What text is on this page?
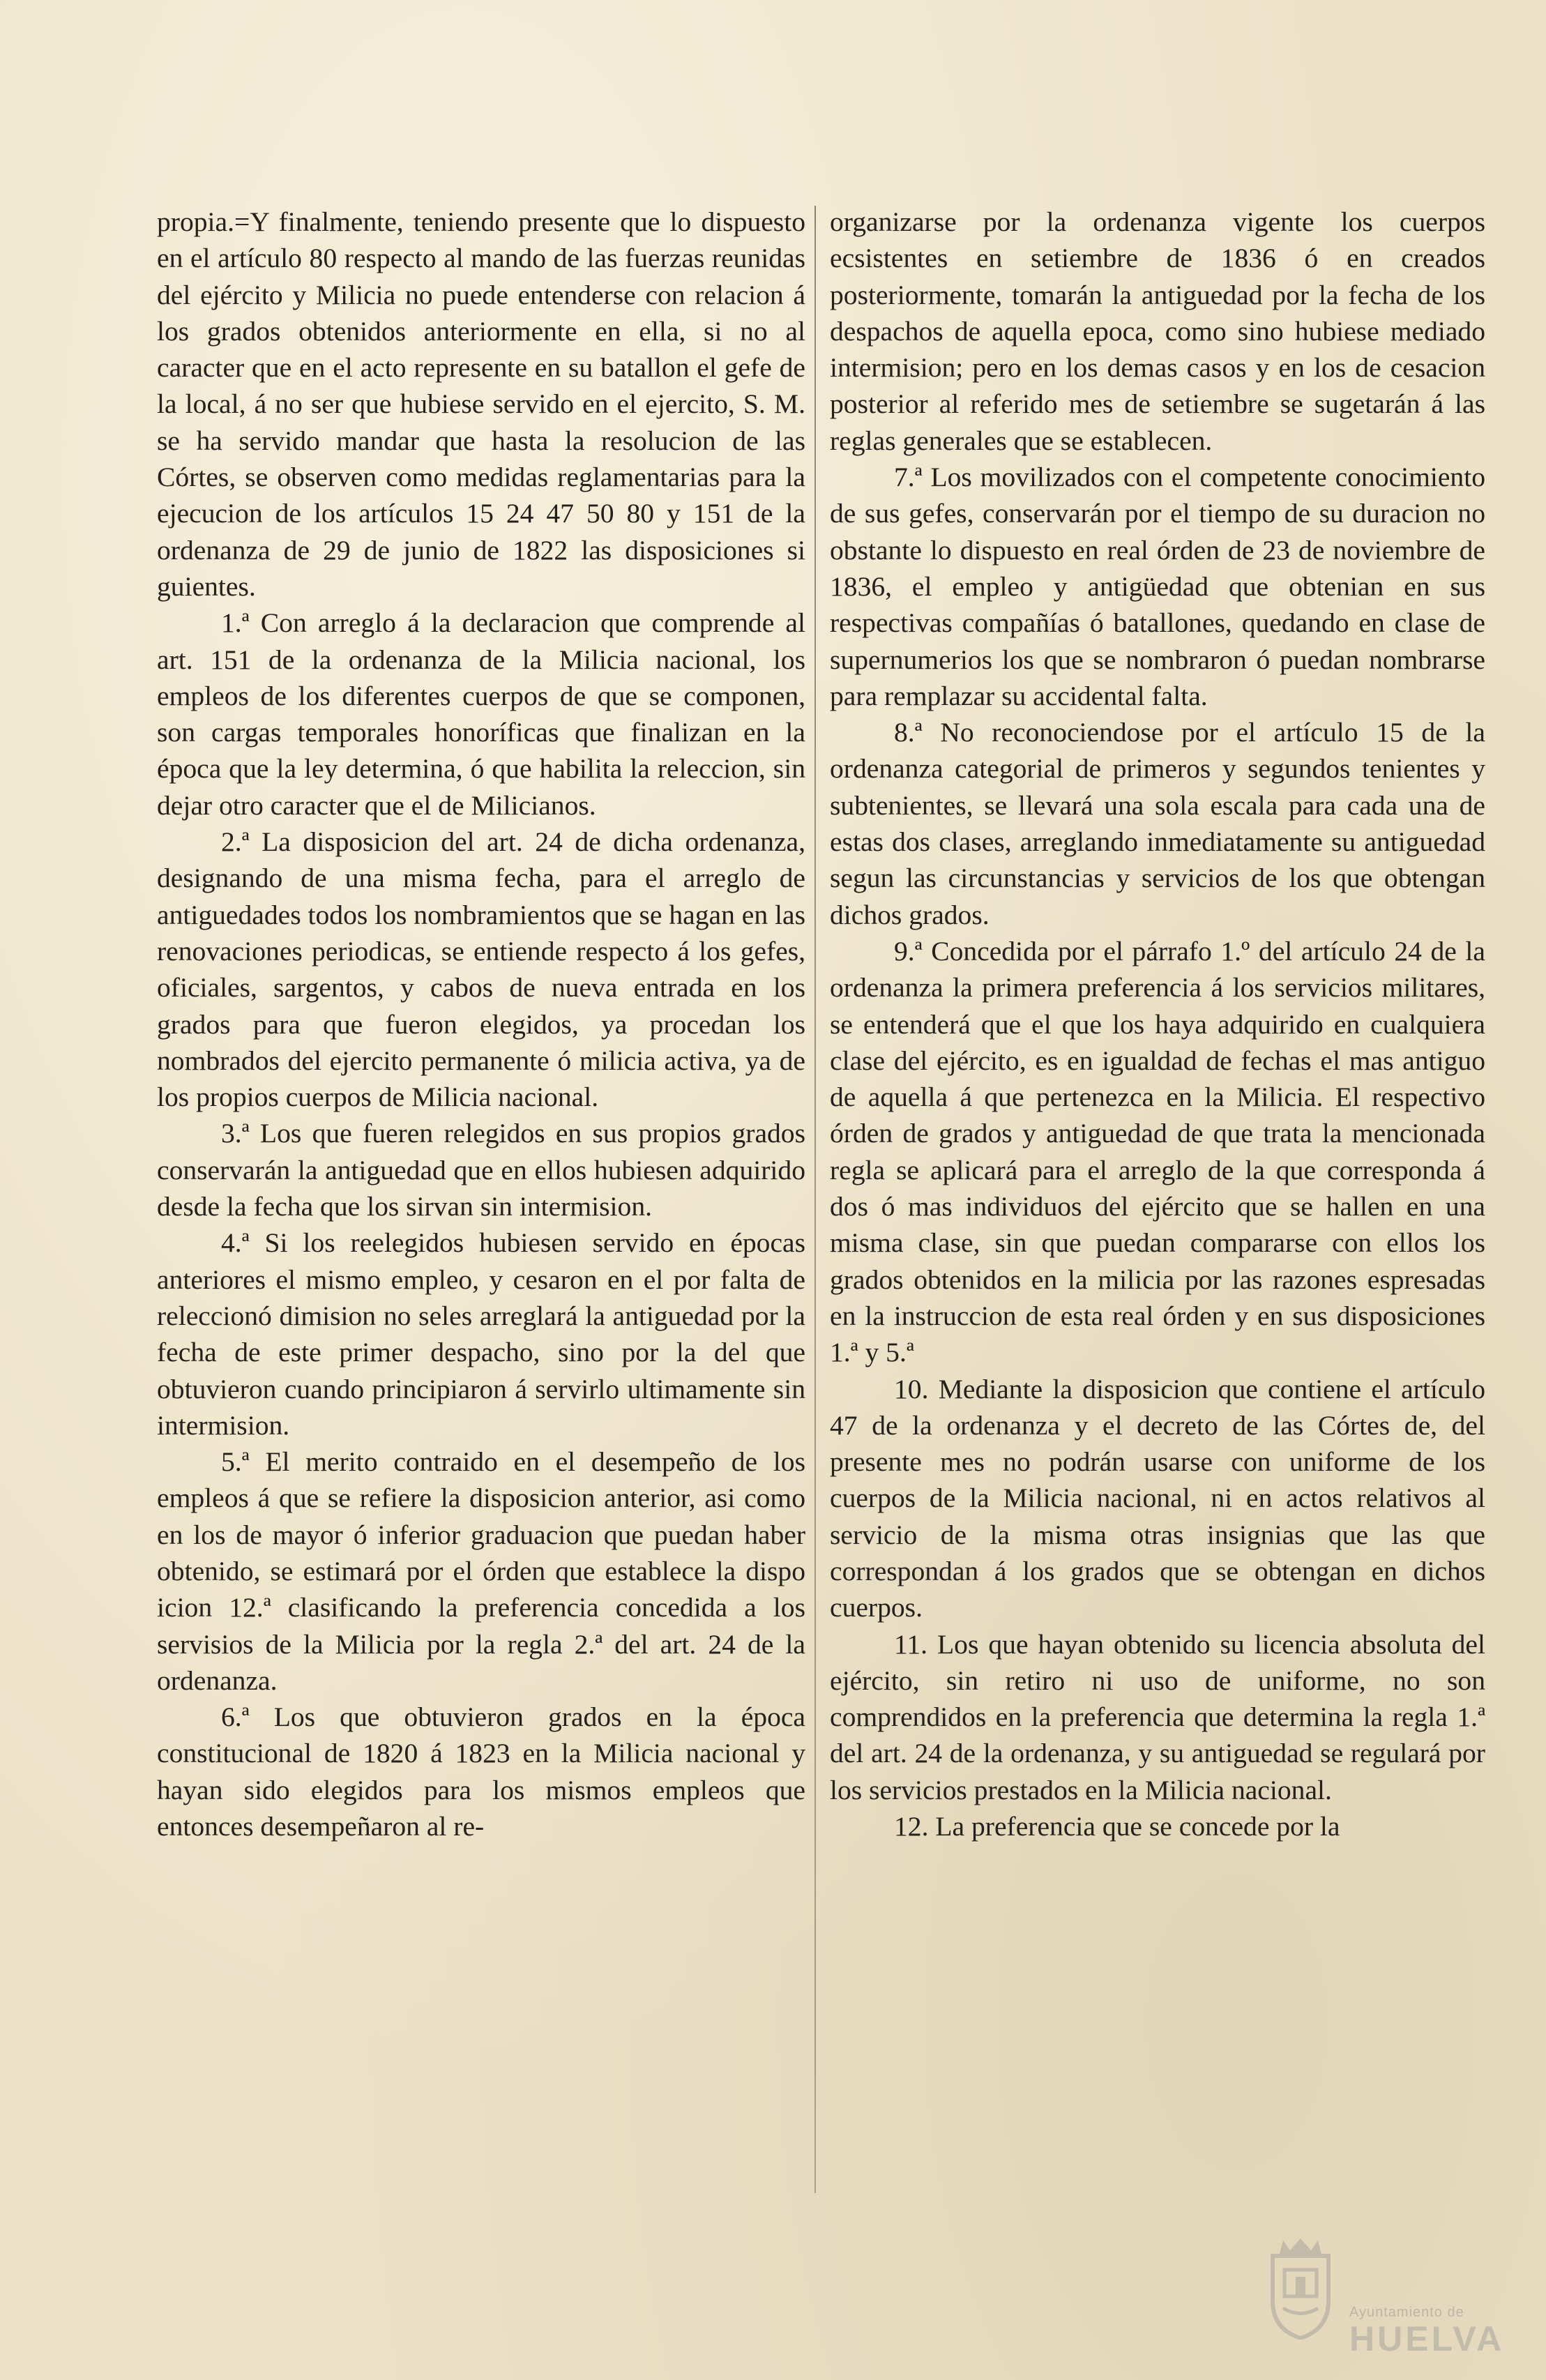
propia.=Y finalmente, teniendo presente que lo dispuesto en el artículo 80 respecto al mando de las fuerzas reunidas del ejército y Milicia no puede entenderse con relacion á los grados obtenidos anteriormente en ella, si no al caracter que en el acto represente en su batallon el gefe de la local, á no ser que hubiese servido en el ejercito, S. M. se ha servido mandar que hasta la resolucion de las Córtes, se observen como medidas reglamentarias para la ejecucion de los artículos 15 24 47 50 80 y 151 de la ordenanza de 29 de junio de 1822 las disposiciones si guientes.

1.ª Con arreglo á la declaracion que comprende al art. 151 de la ordenanza de la Milicia nacional, los empleos de los diferentes cuerpos de que se componen, son cargas temporales honoríficas que finalizan en la época que la ley determina, ó que habilita la releccion, sin dejar otro caracter que el de Milicianos.

2.ª La disposicion del art. 24 de dicha ordenanza, designando de una misma fecha, para el arreglo de antiguedades todos los nombramientos que se hagan en las renovaciones periodicas, se entiende respecto á los gefes, oficiales, sargentos, y cabos de nueva entrada en los grados para que fueron elegidos, ya procedan los nombrados del ejercito permanente ó milicia activa, ya de los propios cuerpos de Milicia nacional.

3.ª Los que fueren relegidos en sus propios grados conservarán la antiguedad que en ellos hubiesen adquirido desde la fecha que los sirvan sin intermision.

4.ª Si los reelegidos hubiesen servido en épocas anteriores el mismo empleo, y cesaron en el por falta de releccionó dimision no seles arreglará la antiguedad por la fecha de este primer despacho, sino por la del que obtuvieron cuando principiaron á servirlo ultimamente sin intermision.

5.ª El merito contraido en el desempeño de los empleos á que se refiere la disposicion anterior, asi como en los de mayor ó inferior graduacion que puedan haber obtenido, se estimará por el órden que establece la dispo icion 12.ª clasificando la preferencia concedida a los servisios de la Milicia por la regla 2.ª del art. 24 de la ordenanza.

6.ª Los que obtuvieron grados en la época constitucional de 1820 á 1823 en la Milicia nacional y hayan sido elegidos para los mismos empleos que entonces desempeñaron al re-

organizarse por la ordenanza vigente los cuerpos ecsistentes en setiembre de 1836 ó en creados posteriormente, tomarán la antiguedad por la fecha de los despachos de aquella epoca, como sino hubiese mediado intermision; pero en los demas casos y en los de cesacion posterior al referido mes de setiembre se sugetarán á las reglas generales que se establecen.

7.ª Los movilizados con el competente conocimiento de sus gefes, conservarán por el tiempo de su duracion no obstante lo dispuesto en real órden de 23 de noviembre de 1836, el empleo y antigüedad que obtenian en sus respectivas compañías ó batallones, quedando en clase de supernumerios los que se nombraron ó puedan nombrarse para remplazar su accidental falta.

8.ª No reconociendose por el artículo 15 de la ordenanza categorial de primeros y segundos tenientes y subtenientes, se llevará una sola escala para cada una de estas dos clases, arreglando inmediatamente su antiguedad segun las circunstancias y servicios de los que obtengan dichos grados.

9.ª Concedida por el párrafo 1.º del artículo 24 de la ordenanza la primera preferencia á los servicios militares, se entenderá que el que los haya adquirido en cualquiera clase del ejército, es en igualdad de fechas el mas antiguo de aquella á que pertenezca en la Milicia. El respectivo órden de grados y antiguedad de que trata la mencionada regla se aplicará para el arreglo de la que corresponda á dos ó mas individuos del ejército que se hallen en una misma clase, sin que puedan compararse con ellos los grados obtenidos en la milicia por las razones espresadas en la instruccion de esta real órden y en sus disposiciones 1.ª y 5.ª

10. Mediante la disposicion que contiene el artículo 47 de la ordenanza y el decreto de las Córtes de, del presente mes no podrán usarse con uniforme de los cuerpos de la Milicia nacional, ni en actos relativos al servicio de la misma otras insignias que las que correspondan á los grados que se obtengan en dichos cuerpos.

11. Los que hayan obtenido su licencia absoluta del ejército, sin retiro ni uso de uniforme, no son comprendidos en la preferencia que determina la regla 1.ª del art. 24 de la ordenanza, y su antiguedad se regulará por los servicios prestados en la Milicia nacional.

12. La preferencia que se concede por la

Ayuntamiento de
HUELVA
